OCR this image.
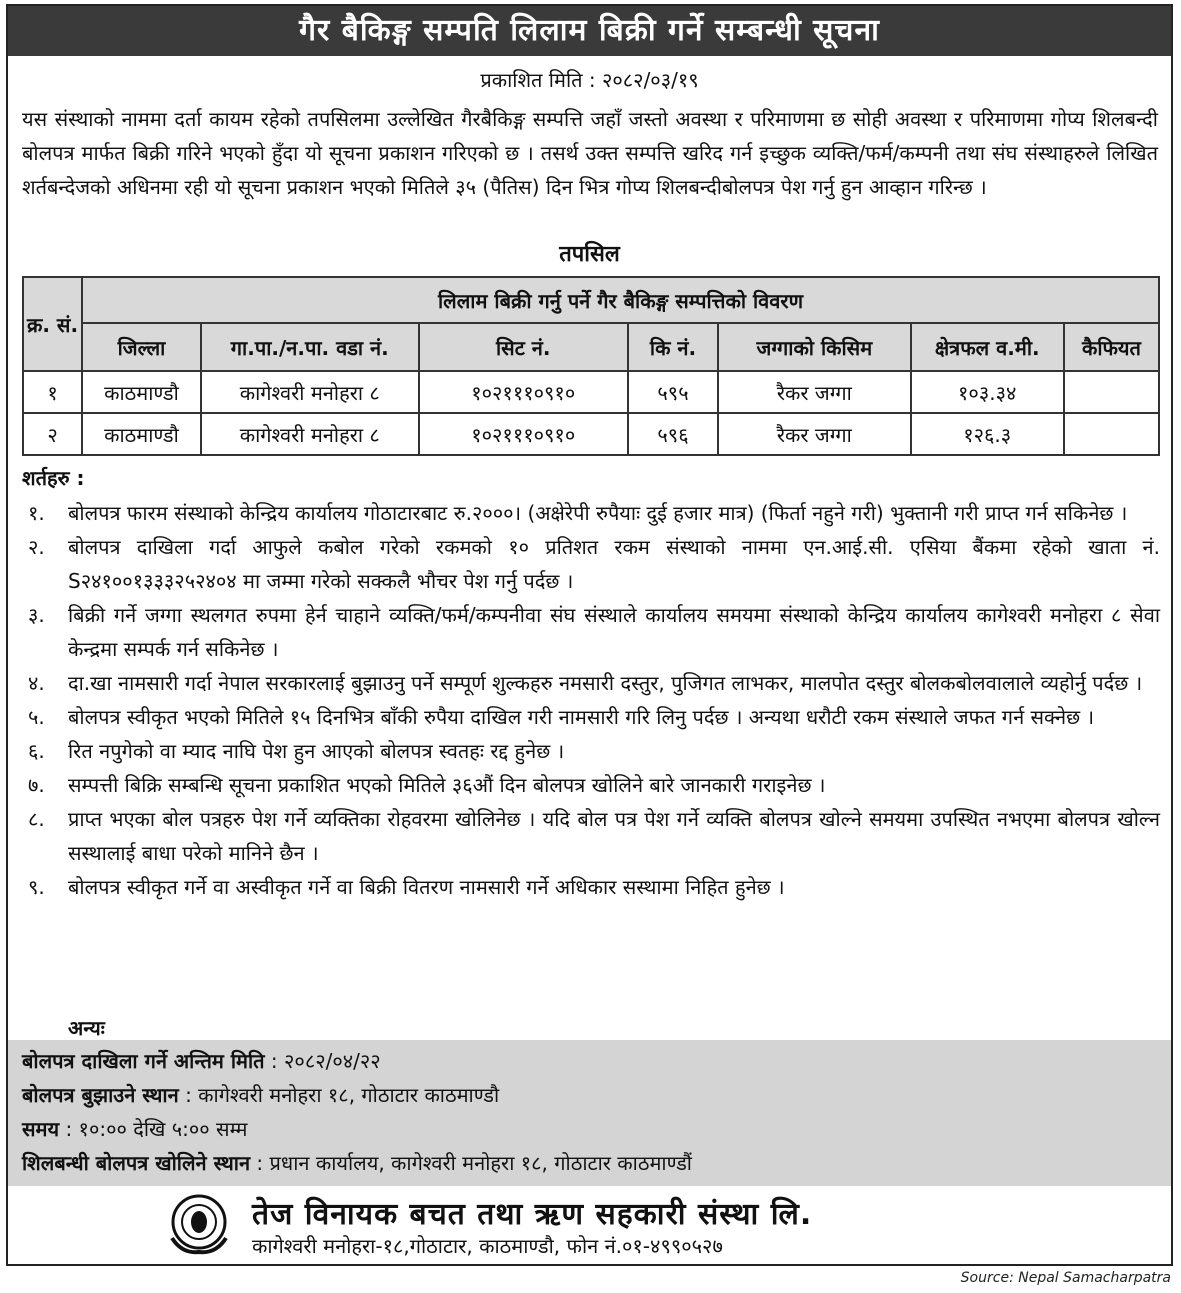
गैर बैकिङ्ग सम्पति लिलाम बिक्री गर्ने सम्बन्धी सूचना
प्रकाशित मिति : २०८२/०३/१९
यस संस्थाको नाममा दर्ता कायम रहेको तपसिलमा उल्लेखित गैरबैकिङ्ग सम्पत्ति जहाँ जस्तो अवस्था र परिमाणमा छ सोही अवस्था र परिमाणमा गोप्य शिलबन्दी बोलपत्र मार्फत बिक्री गरिने भएको हुँदा यो सूचना प्रकाशन गरिएको छ । तसर्थ उक्त सम्पत्ति खरिद गर्न इच्छुक व्यक्ति/फर्म/कम्पनी तथा संघ संस्थाहरुले लिखित शर्तबन्देजको अधिनमा रही यो सूचना प्रकाशन भएको मितिले ३५ (पैतिस) दिन भित्र गोप्य शिलबन्दीबोलपत्र पेश गर्नु हुन आव्हान गरिन्छ ।
तपसिल
क्र. सं.	लिलाम बिक्री गर्नु पर्ने गैर बैकिङ्ग सम्पत्तिको विवरण						
	जिल्ला	गा.पा./न.पा. वडा नं.	सिट नं.	कि नं.	जग्गाको किसिम	क्षेत्रफल व.मी.	कैफियत
१	काठमाण्डौ	कागेश्वरी मनोहरा ८	१०२१११०९१०	५९५	रैकर जग्गा	१०३.३४	
२	काठमाण्डौ	कागेश्वरी मनोहरा ८	१०२१११०९१०	५९६	रैकर जग्गा	१२६.३	
शर्तहरु :
१. बोलपत्र फारम संस्थाको केन्द्रिय कार्यालय गोठाटारबाट रु.२०००। (अक्षेरेपी रुपैयाः दुई हजार मात्र) (फिर्ता नहुने गरी) भुक्तानी गरी प्राप्त गर्न सकिनेछ ।
२. बोलपत्र दाखिला गर्दा आफुले कबोल गरेको रकमको १० प्रतिशत रकम संस्थाको नाममा एन.आई.सी. एसिया बैंकमा रहेको खाता नं. S२४१००१३३३२५२४०४ मा जम्मा गरेको सक्कलै भौचर पेश गर्नु पर्दछ ।
३. बिक्री गर्ने जग्गा स्थलगत रुपमा हेर्न चाहाने व्यक्ति/फर्म/कम्पनीवा संघ संस्थाले कार्यालय समयमा संस्थाको केन्द्रिय कार्यालय कागेश्वरी मनोहरा ८ सेवा केन्द्रमा सम्पर्क गर्न सकिनेछ ।
४. दा.खा नामसारी गर्दा नेपाल सरकारलाई बुझाउनु पर्ने सम्पूर्ण शुल्कहरु नमसारी दस्तुर, पुजिगत लाभकर, मालपोत दस्तुर बोलकबोलवालाले व्यहोर्नु पर्दछ ।
५. बोलपत्र स्वीकृत भएको मितिले १५ दिनभित्र बाँकी रुपैया दाखिल गरी नामसारी गरि लिनु पर्दछ । अन्यथा धरौटी रकम संस्थाले जफत गर्न सक्नेछ ।
६. रित नपुगेको वा म्याद नाघि पेश हुन आएको बोलपत्र स्वतहः रद्द हुनेछ ।
७. सम्पत्ती बिक्रि सम्बन्धि सूचना प्रकाशित भएको मितिले ३६औं दिन बोलपत्र खोलिने बारे जानकारी गराइनेछ ।
८. प्राप्त भएका बोल पत्रहरु पेश गर्ने व्यक्तिका रोहवरमा खोलिनेछ । यदि बोल पत्र पेश गर्ने व्यक्ति बोलपत्र खोल्ने समयमा उपस्थित नभएमा बोलपत्र खोल्न सस्थालाई बाधा परेको मानिने छैन ।
९. बोलपत्र स्वीकृत गर्ने वा अस्वीकृत गर्ने वा बिक्री वितरण नामसारी गर्ने अधिकार सस्थामा निहित हुनेछ ।
अन्यः
बोलपत्र दाखिला गर्ने अन्तिम मिति : २०८२/०४/२२
बोलपत्र बुझाउने स्थान : कागेश्वरी मनोहरा १८, गोठाटार काठमाण्डौ
समय : १०:०० देखि ५:०० सम्म
शिलबन्धी बोलपत्र खोलिने स्थान : प्रधान कार्यालय, कागेश्वरी मनोहरा १८, गोठाटार काठमाण्डौं
तेज विनायक बचत तथा ऋण सहकारी संस्था लि.
कागेश्वरी मनोहरा-१८,गोठाटार, काठमाण्डौ, फोन नं.०१-४९९०५२७
Source: Nepal Samacharpatra
